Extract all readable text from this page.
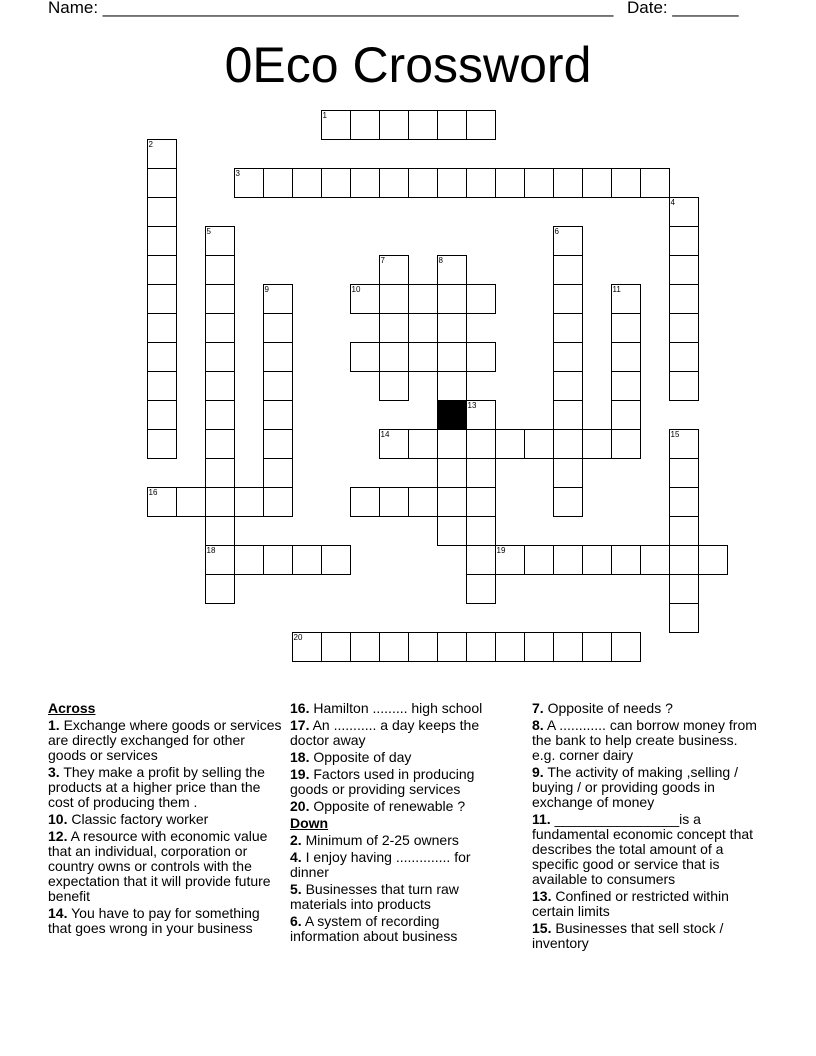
Name: ______________________________________________________ Date: _______
0Eco Crossword
1
2
3
4
5
18
6
7	8
9	10	11
13
14	15
16
19
20
Across

1. Exchange where goods or services are directly exchanged for other goods or services

3. They make a profit by selling the products at a higher price than the cost of producing them .

10. Classic factory worker

12. A resource with economic value that an individual, corporation or country owns or controls with the expectation that it will provide future benefit

14. You have to pay for something that goes wrong in your business

16. Hamilton ......... high school

17. An ........... a day keeps the doctor away

18. Opposite of day

19. Factors used in producing goods or providing services

20. Opposite of renewable ?

Down

2. Minimum of 2-25 owners

4. I enjoy having .............. for dinner

5. Businesses that turn raw materials into products

6. A system of recording information about business

7. Opposite of needs ?

8. A ............ can borrow money from the bank to help create business. e.g. corner dairy

9. The activity of making ,selling / buying / or providing goods in exchange of money

11. ________________is a fundamental economic concept that describes the total amount of a specific good or service that is available to consumers

13. Confined or restricted within certain limits

15. Businesses that sell stock / inventory
